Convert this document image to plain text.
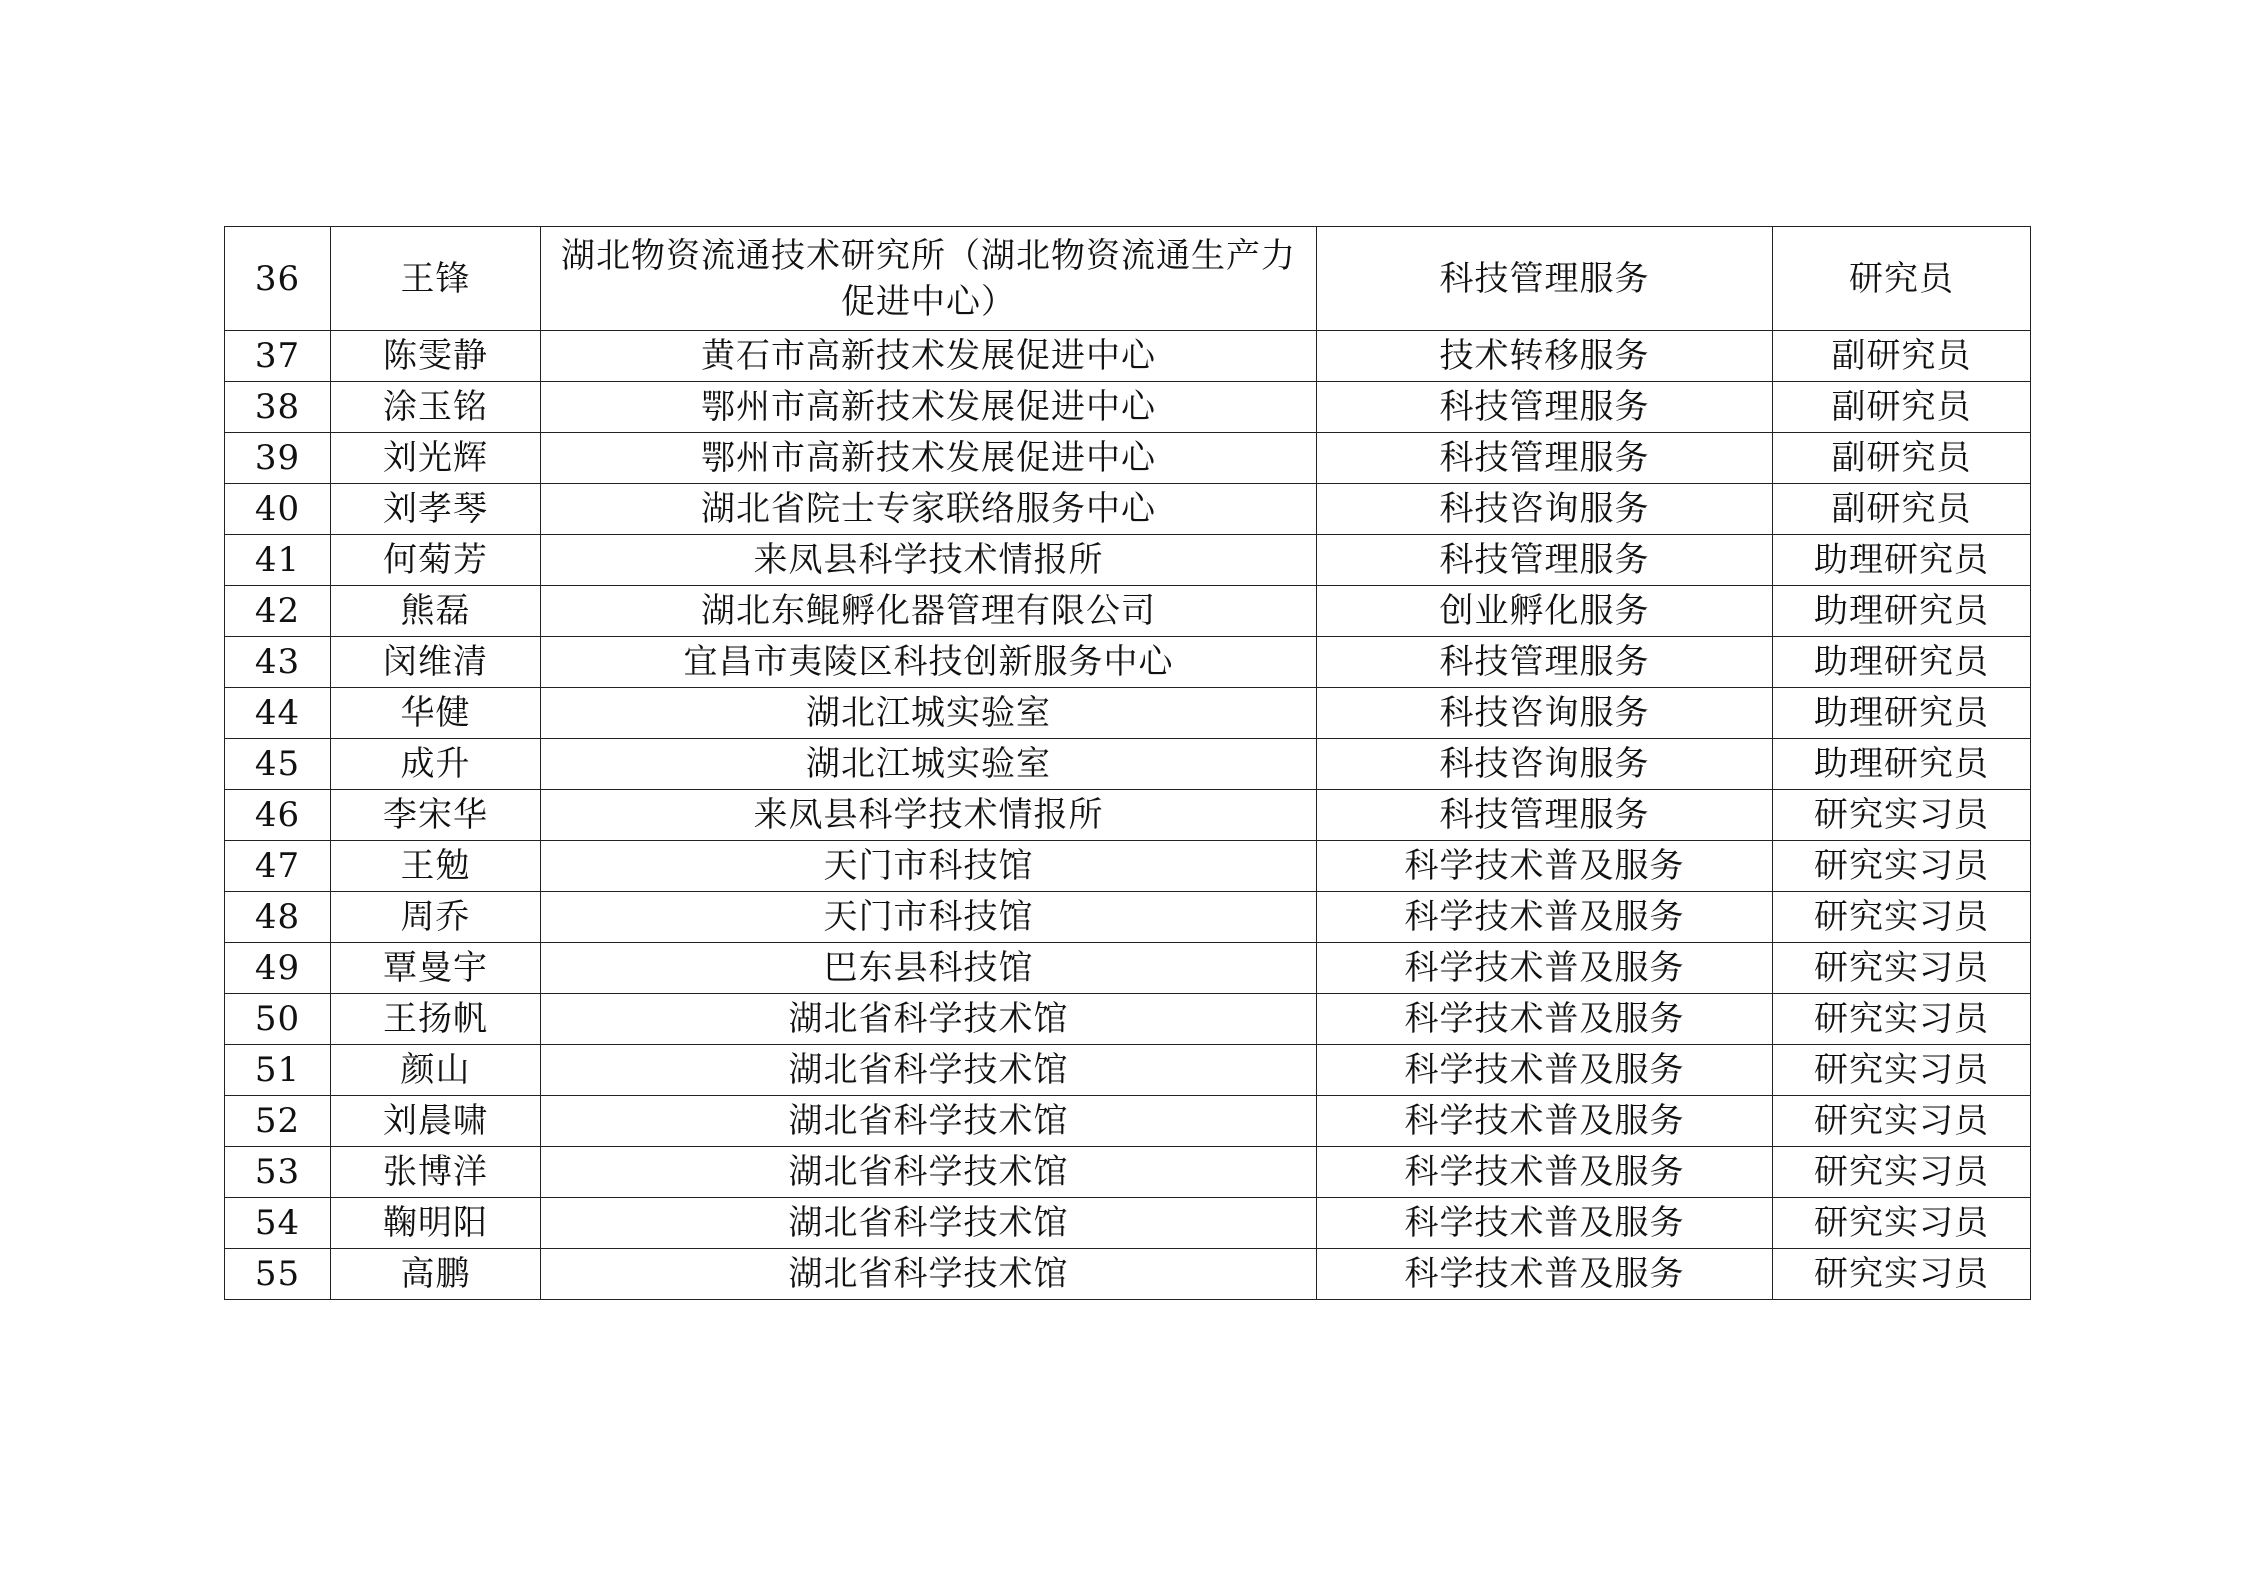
36	王锋	湖北物资流通技术研究所（湖北物资流通生产力促进中心）	科技管理服务	研究员
37	陈雯静	黄石市高新技术发展促进中心	技术转移服务	副研究员
38	涂玉铭	鄂州市高新技术发展促进中心	科技管理服务	副研究员
39	刘光辉	鄂州市高新技术发展促进中心	科技管理服务	副研究员
40	刘孝琴	湖北省院士专家联络服务中心	科技咨询服务	副研究员
41	何菊芳	来凤县科学技术情报所	科技管理服务	助理研究员
42	熊磊	湖北东鲲孵化器管理有限公司	创业孵化服务	助理研究员
43	闵维清	宜昌市夷陵区科技创新服务中心	科技管理服务	助理研究员
44	华健	湖北江城实验室	科技咨询服务	助理研究员
45	成升	湖北江城实验室	科技咨询服务	助理研究员
46	李宋华	来凤县科学技术情报所	科技管理服务	研究实习员
47	王勉	天门市科技馆	科学技术普及服务	研究实习员
48	周乔	天门市科技馆	科学技术普及服务	研究实习员
49	覃曼宇	巴东县科技馆	科学技术普及服务	研究实习员
50	王扬帆	湖北省科学技术馆	科学技术普及服务	研究实习员
51	颜山	湖北省科学技术馆	科学技术普及服务	研究实习员
52	刘晨啸	湖北省科学技术馆	科学技术普及服务	研究实习员
53	张博洋	湖北省科学技术馆	科学技术普及服务	研究实习员
54	鞠明阳	湖北省科学技术馆	科学技术普及服务	研究实习员
55	高鹏	湖北省科学技术馆	科学技术普及服务	研究实习员
